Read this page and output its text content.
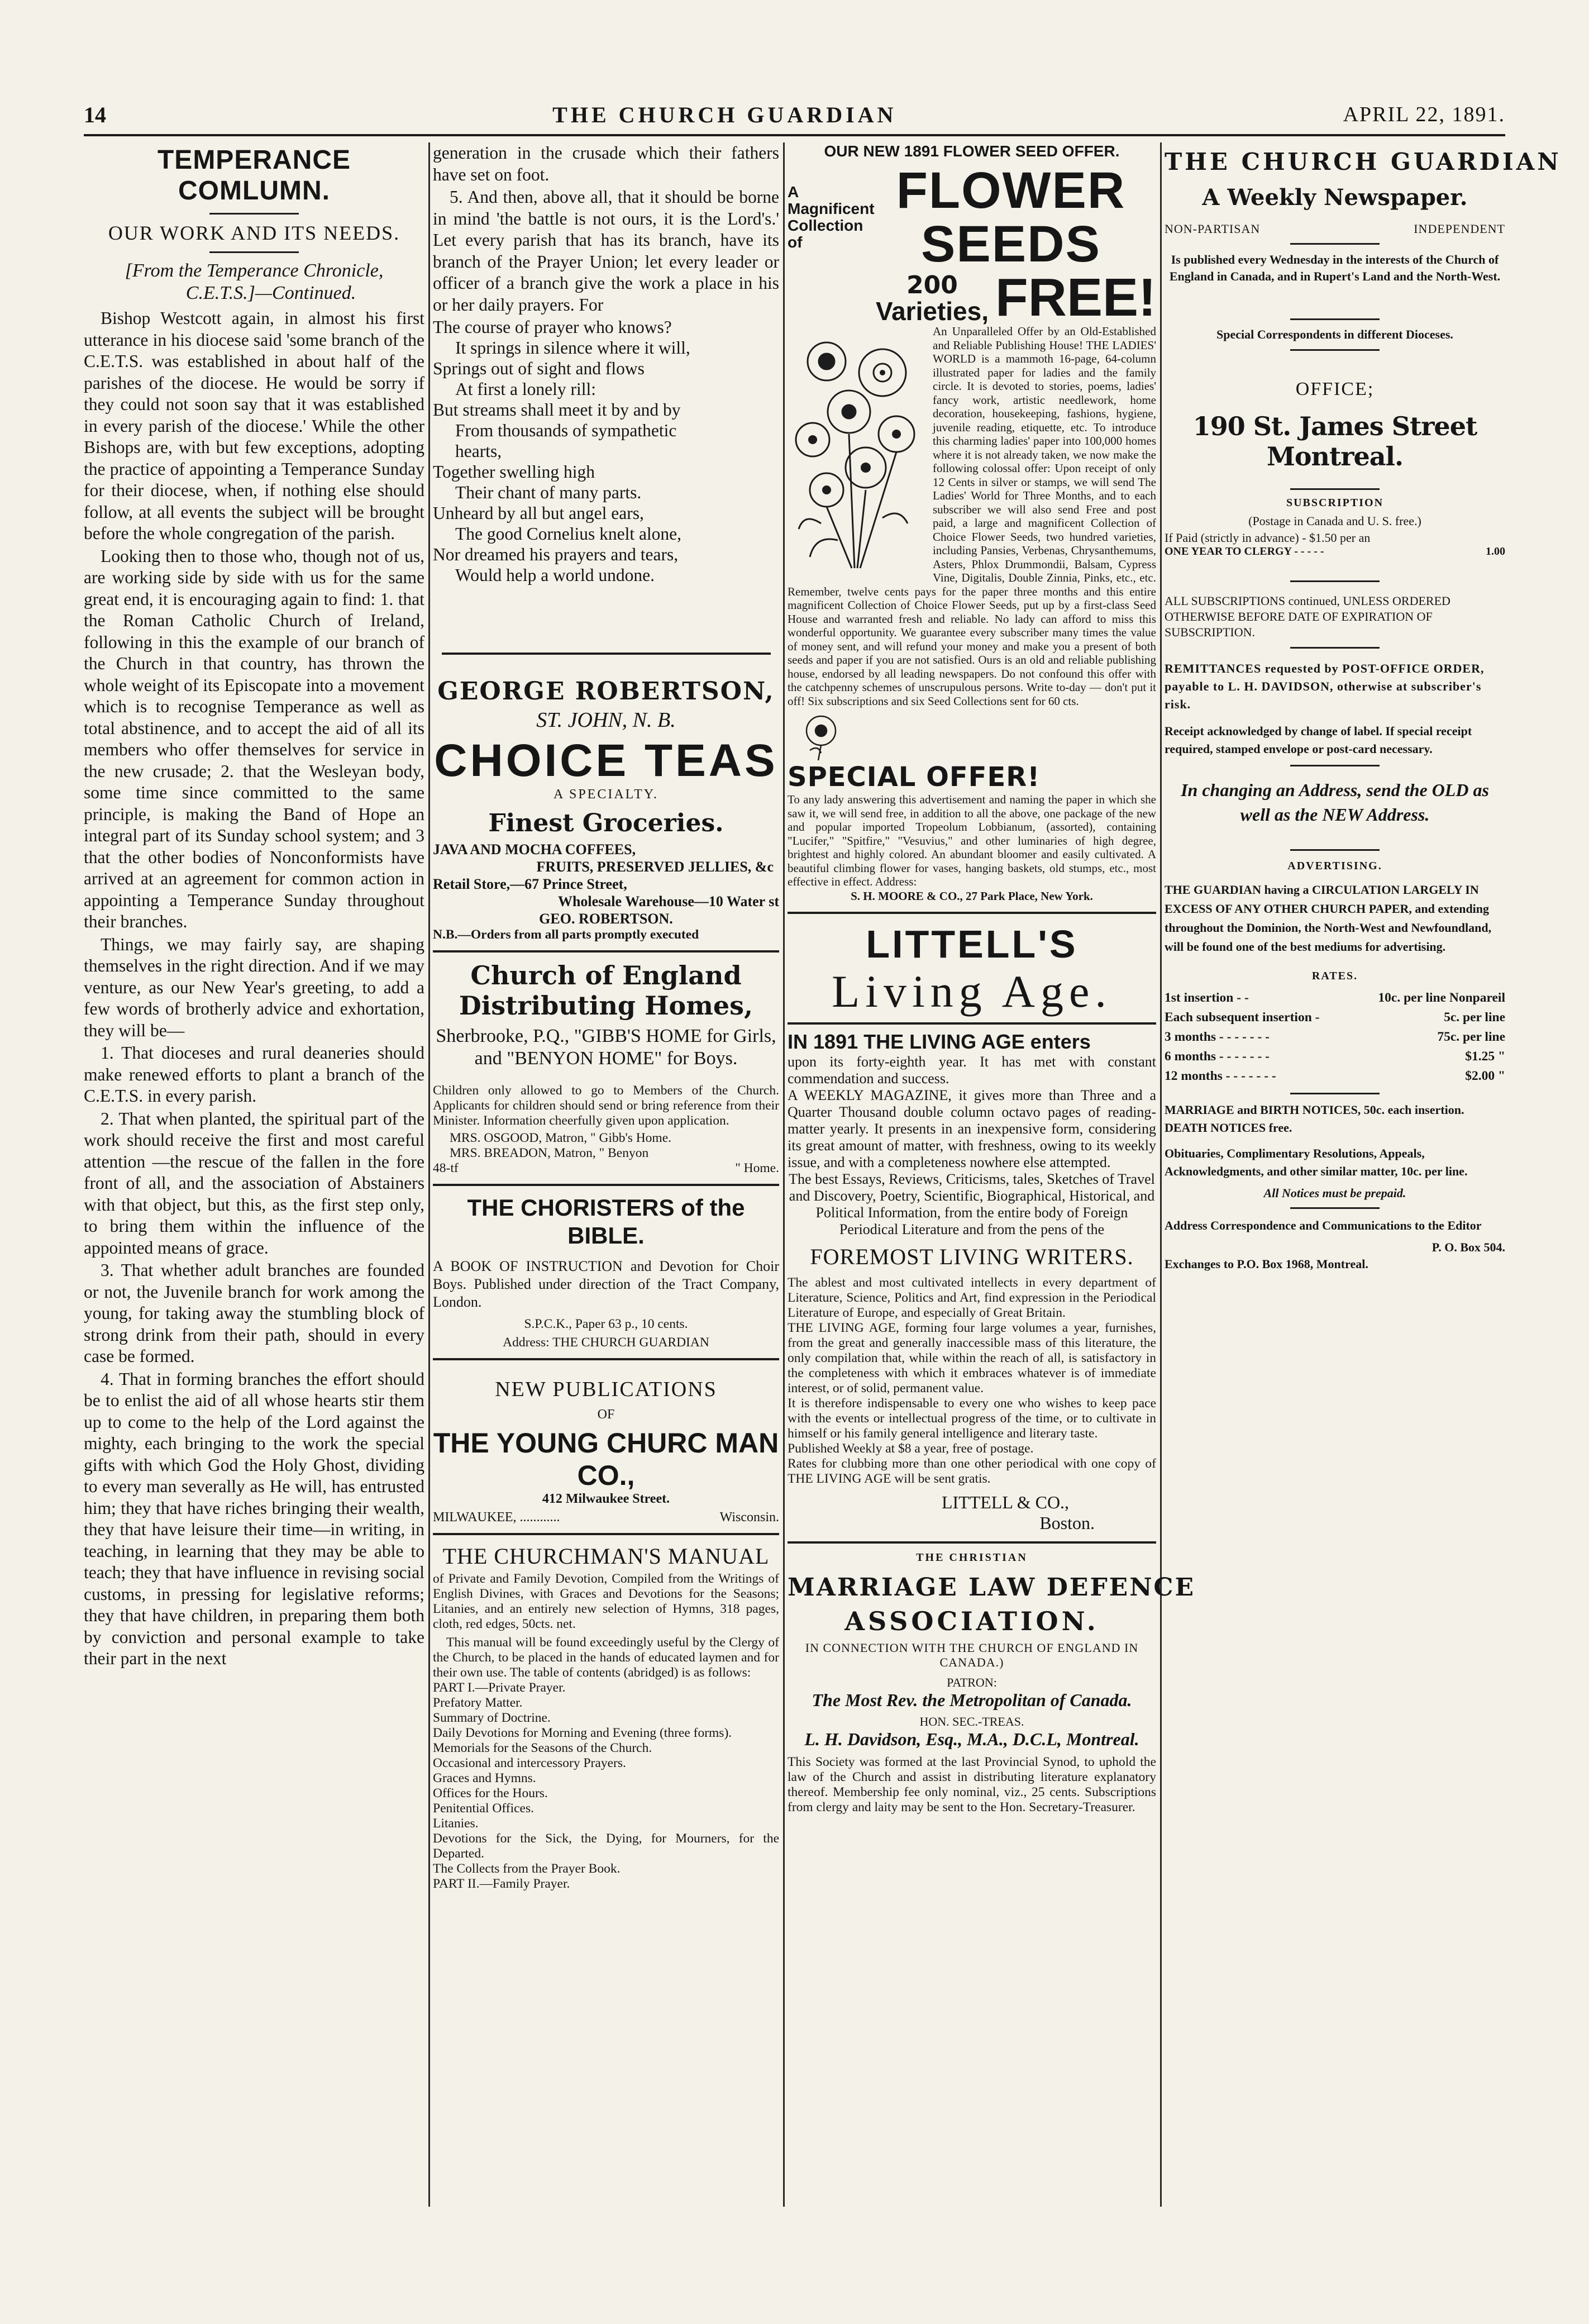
14	THE CHURCH GUARDIAN	APRIL 22, 1891.
TEMPERANCE COMLUMN.
OUR WORK AND ITS NEEDS.
[From the Temperance Chronicle,
C.E.T.S.]—Continued.

Bishop Westcott again, in almost his first utterance in his diocese said 'some branch of the C.E.T.S. was established in about half of the parishes of the diocese. He would be sorry if they could not soon say that it was established in every parish of the diocese.' While the other Bishops are, with but few exceptions, adopting the practice of appointing a Temperance Sunday for their diocese, when, if nothing else should follow, at all events the subject will be brought before the whole congregation of the parish.

Looking then to those who, though not of us, are working side by side with us for the same great end, it is encouraging again to find: 1. that the Roman Catholic Church of Ireland, following in this the example of our branch of the Church in that country, has thrown the whole weight of its Episcopate into a movement which is to recognise Temperance as well as total abstinence, and to accept the aid of all its members who offer themselves for service in the new crusade; 2. that the Wesleyan body, some time since committed to the same principle, is making the Band of Hope an integral part of its Sunday school system; and 3 that the other bodies of Nonconformists have arrived at an agreement for common action in appointing a Temperance Sunday throughout their branches.

Things, we may fairly say, are shaping themselves in the right direction. And if we may venture, as our New Year's greeting, to add a few words of brotherly advice and exhortation, they will be—

1. That dioceses and rural deaneries should make renewed efforts to plant a branch of the C.E.T.S. in every parish.

2. That when planted, the spiritual part of the work should receive the first and most careful attention —the rescue of the fallen in the fore front of all, and the association of Abstainers with that object, but this, as the first step only, to bring them within the influence of the appointed means of grace.

3. That whether adult branches are founded or not, the Juvenile branch for work among the young, for taking away the stumbling block of strong drink from their path, should in every case be formed.

4. That in forming branches the effort should be to enlist the aid of all whose hearts stir them up to come to the help of the Lord against the mighty, each bringing to the work the special gifts with which God the Holy Ghost, dividing to every man severally as He will, has entrusted him; they that have riches bringing their wealth, they that have leisure their time—in writing, in teaching, in learning that they may be able to teach; they that have influence in revising social customs, in pressing for legislative reforms; they that have children, in preparing them both by conviction and personal example to take their part in the next

generation in the crusade which their fathers have set on foot.

5. And then, above all, that it should be borne in mind 'the battle is not ours, it is the Lord's.' Let every parish that has its branch, have its branch of the Prayer Union; let every leader or officer of a branch give the work a place in his or her daily prayers. For

The course of prayer who knows?
It springs in silence where it will,
Springs out of sight and flows
At first a lonely rill:
But streams shall meet it by and by
From thousands of sympathetic
hearts,
Together swelling high
Their chant of many parts.
Unheard by all but angel ears,
The good Cornelius knelt alone,
Nor dreamed his prayers and tears,
Would help a world undone.
GEORGE ROBERTSON,
ST. JOHN, N. B.
CHOICE TEAS
A SPECIALTY.
Finest Groceries.
JAVA AND MOCHA COFFEES,
FRUITS, PRESERVED JELLIES, &c
Retail Store,—67 Prince Street,
Wholesale Warehouse—10 Water st
GEO. ROBERTSON.
N.B.—Orders from all parts promptly executed
Church of England Distributing Homes,
Sherbrooke, P.Q., "GIBB'S HOME for Girls, and "BENYON HOME" for Boys.
Children only allowed to go to Members of the Church. Applicants for children should send or bring reference from their Minister. Information cheerfully given upon application.
MRS. OSGOOD, Matron, " Gibb's Home.
MRS. BREADON, Matron, " Benyon
48-tf	" Home.
THE CHORISTERS of the BIBLE.
A BOOK OF INSTRUCTION and Devotion for Choir Boys. Published under direction of the Tract Company, London.
S.P.C.K., Paper 63 p., 10 cents.
Address: THE CHURCH GUARDIAN
NEW PUBLICATIONS
OF
THE YOUNG CHURC MAN CO.,
412 Milwaukee Street.
MILWAUKEE, ............	Wisconsin.
THE CHURCHMAN'S MANUAL
of Private and Family Devotion, Compiled from the Writings of English Divines, with Graces and Devotions for the Seasons; Litanies, and an entirely new selection of Hymns, 318 pages, cloth, red edges, 50cts. net.
This manual will be found exceedingly useful by the Clergy of the Church, to be placed in the hands of educated laymen and for their own use. The table of contents (abridged) is as follows:
PART I.—Private Prayer.
Prefatory Matter.
Summary of Doctrine.
Daily Devotions for Morning and Evening (three forms).
Memorials for the Seasons of the Church.
Occasional and intercessory Prayers.
Graces and Hymns.
Offices for the Hours.
Penitential Offices.
Litanies.
Devotions for the Sick, the Dying, for Mourners, for the Departed.
The Collects from the Prayer Book.
PART II.—Family Prayer.
OUR NEW 1891 FLOWER SEED OFFER.
A Magnificent Collection of
FLOWER SEEDS
200
Varieties, FREE!
An Unparalleled Offer by an Old-Established and Reliable Publishing House! THE LADIES' WORLD is a mammoth 16-page, 64-column illustrated paper for ladies and the family circle. It is devoted to stories, poems, ladies' fancy work, artistic needlework, home decoration, housekeeping, fashions, hygiene, juvenile reading, etiquette, etc. To introduce this charming ladies' paper into 100,000 homes where it is not already taken, we now make the following colossal offer: Upon receipt of only 12 Cents in silver or stamps, we will send The Ladies' World for Three Months, and to each subscriber we will also send Free and post paid, a large and magnificent Collection of Choice Flower Seeds, two hundred varieties, including Pansies, Verbenas, Chrysanthemums, Asters, Phlox Drummondii, Balsam, Cypress Vine, Digitalis, Double Zinnia, Pinks, etc., etc. Remember, twelve cents pays for the paper three months and this entire magnificent Collection of Choice Flower Seeds, put up by a first-class Seed House and warranted fresh and reliable. No lady can afford to miss this wonderful opportunity. We guarantee every subscriber many times the value of money sent, and will refund your money and make you a present of both seeds and paper if you are not satisfied. Ours is an old and reliable publishing house, endorsed by all leading newspapers. Do not confound this offer with the catchpenny schemes of unscrupulous persons. Write to-day — don't put it off! Six subscriptions and six Seed Collections sent for 60 cts.
SPECIAL OFFER!
To any lady answering this advertisement and naming the paper in which she saw it, we will send free, in addition to all the above, one package of the new and popular imported Tropeolum Lobbianum, (assorted), containing "Lucifer," "Spitfire," "Vesuvius," and other luminaries of high degree, brightest and highly colored. An abundant bloomer and easily cultivated. A beautiful climbing flower for vases, hanging baskets, old stumps, etc., most effective in effect. Address:
S. H. MOORE & CO., 27 Park Place, New York.
LITTELL'S
Living Age.
IN 1891 THE LIVING AGE enters
upon its forty-eighth year. It has met with constant commendation and success.
A WEEKLY MAGAZINE, it gives more than Three and a Quarter Thousand double column octavo pages of reading-matter yearly. It presents in an inexpensive form, considering its great amount of matter, with freshness, owing to its weekly issue, and with a completeness nowhere else attempted.
The best Essays, Reviews, Criticisms, tales, Sketches of Travel and Discovery, Poetry, Scientific, Biographical, Historical, and Political Information, from the entire body of Foreign Periodical Literature and from the pens of the
FOREMOST LIVING WRITERS.
The ablest and most cultivated intellects in every department of Literature, Science, Politics and Art, find expression in the Periodical Literature of Europe, and especially of Great Britain.
THE LIVING AGE, forming four large volumes a year, furnishes, from the great and generally inaccessible mass of this literature, the only compilation that, while within the reach of all, is satisfactory in the completeness with which it embraces whatever is of immediate interest, or of solid, permanent value.
It is therefore indispensable to every one who wishes to keep pace with the events or intellectual progress of the time, or to cultivate in himself or his family general intelligence and literary taste.
Published Weekly at $8 a year, free of postage.
Rates for clubbing more than one other periodical with one copy of THE LIVING AGE will be sent gratis.
LITTELL & CO.,
Boston.
THE CHRISTIAN
MARRIAGE LAW DEFENCE
ASSOCIATION.
IN CONNECTION WITH THE CHURCH OF ENGLAND IN CANADA.)
PATRON:
The Most Rev. the Metropolitan of Canada.
HON. SEC.-TREAS.
L. H. Davidson, Esq., M.A., D.C.L, Montreal.
This Society was formed at the last Provincial Synod, to uphold the law of the Church and assist in distributing literature explanatory thereof. Membership fee only nominal, viz., 25 cents. Subscriptions from clergy and laity may be sent to the Hon. Secretary-Treasurer.
THE CHURCH GUARDIAN
A Weekly Newspaper.
NON-PARTISAN	INDEPENDENT
Is published every Wednesday in the interests of the Church of England in Canada, and in Rupert's Land and the North-West.
Special Correspondents in different Dioceses.
OFFICE;
190 St. James Street Montreal.
SUBSCRIPTION
(Postage in Canada and U. S. free.)
If Paid (strictly in advance) - $1.50 per an
ONE YEAR TO CLERGY - - - - -	1.00
ALL SUBSCRIPTIONS continued, UNLESS ORDERED OTHERWISE BEFORE DATE OF EXPIRATION OF SUBSCRIPTION.
REMITTANCES requested by POST-OFFICE ORDER, payable to L. H. DAVIDSON, otherwise at subscriber's risk.
Receipt acknowledged by change of label. If special receipt required, stamped envelope or post-card necessary.
In changing an Address, send the OLD as well as the NEW Address.
ADVERTISING.
THE GUARDIAN having a CIRCULATION LARGELY IN EXCESS OF ANY OTHER CHURCH PAPER, and extending throughout the Dominion, the North-West and Newfoundland, will be found one of the best mediums for advertising.
RATES.
1st insertion - -	10c. per line Nonpareil
Each subsequent insertion -	5c. per line
3 months - - - - - - -	75c. per line
6 months - - - - - - -	$1.25 "
12 months - - - - - - -	$2.00 "
MARRIAGE and BIRTH NOTICES, 50c. each insertion. DEATH NOTICES free.
Obituaries, Complimentary Resolutions, Appeals, Acknowledgments, and other similar matter, 10c. per line.
All Notices must be prepaid.
Address Correspondence and Communications to the Editor
P. O. Box 504.
Exchanges to P.O. Box 1968, Montreal.
